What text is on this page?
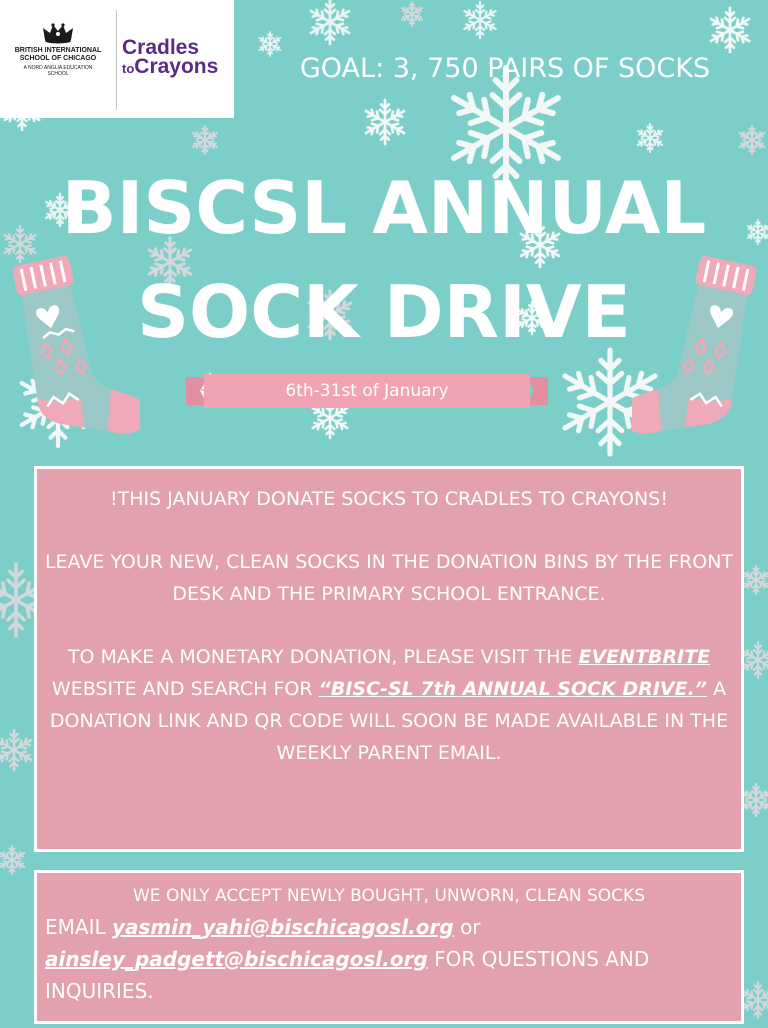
BRITISH INTERNATIONAL SCHOOL OF CHICAGO
A NORD ANGLIA EDUCATION SCHOOL
Cradles
toCrayons	GOAL: 3, 750 PAIRS OF SOCKS
BISCSL ANNUAL
SOCK DRIVE
6th-31st of January

!THIS JANUARY DONATE SOCKS TO CRADLES TO CRAYONS!

LEAVE YOUR NEW, CLEAN SOCKS IN THE DONATION BINS BY THE FRONT DESK AND THE PRIMARY SCHOOL ENTRANCE.

TO MAKE A MONETARY DONATION, PLEASE VISIT THE EVENTBRITE WEBSITE AND SEARCH FOR “BISC-SL 7th ANNUAL SOCK DRIVE.” A DONATION LINK AND QR CODE WILL SOON BE MADE AVAILABLE IN THE WEEKLY PARENT EMAIL.

WE ONLY ACCEPT NEWLY BOUGHT, UNWORN, CLEAN SOCKS

EMAIL yasmin_yahi@bischicagosl.org or ainsley_padgett@bischicagosl.org FOR QUESTIONS AND INQUIRIES.
